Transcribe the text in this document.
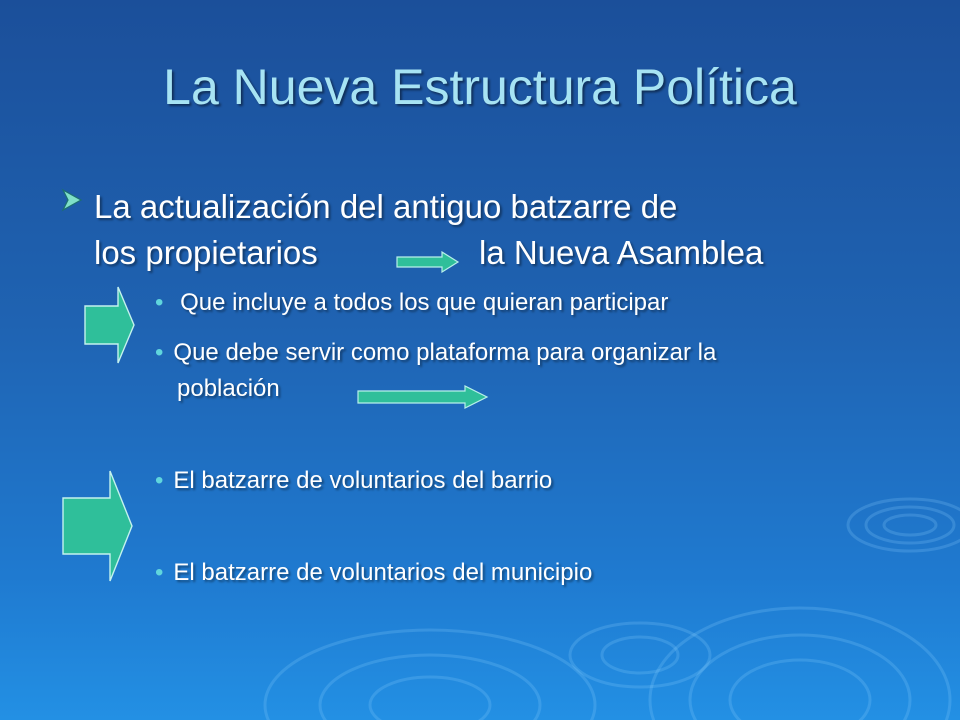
La Nueva Estructura Política
La actualización del antiguo batzarre de
los propietarios	la Nueva Asamblea
• Que incluye a todos los que quieran participar
• Que debe servir como plataforma para organizar la
población
• El batzarre de voluntarios del barrio
• El batzarre de voluntarios del municipio
